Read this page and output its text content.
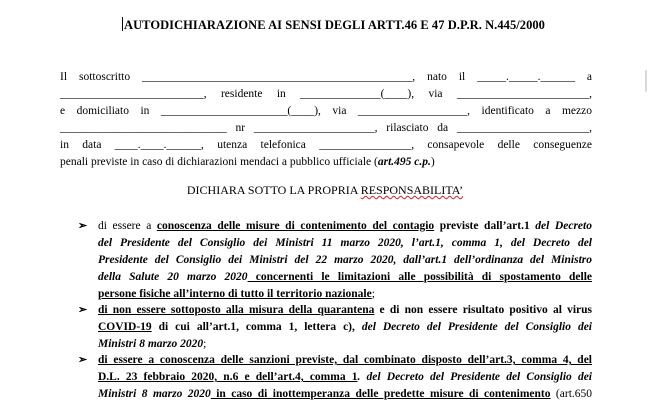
AUTODICHIARAZIONE AI SENSI DEGLI ARTT.46 E 47 D.P.R. N.445/2000
Il sottoscritto _______________________________________________, nato il _____._____.______ a
_________________________, residente in ______________(____), via _______________________,
e domiciliato in ______________________(____), via ___________________, identificato a mezzo
_____________________________ nr _____________________, rilasciato da _______________________,
in data ____.____.______, utenza telefonica ________________, consapevole delle conseguenze
penali previste in caso di dichiarazioni mendaci a pubblico ufficiale (art.495 c.p.)
DICHIARA SOTTO LA PROPRIA RESPONSABILITA’
➢ di essere a conoscenza delle misure di contenimento del contagio previste dall’art.1 del Decreto
del Presidente del Consiglio dei Ministri 11 marzo 2020, l’art.1, comma 1, del Decreto del
Presidente del Consiglio dei Ministri del 22 marzo 2020, dall’art.1 dell’ordinanza del Ministro
della Salute 20 marzo 2020 concernenti le limitazioni alle possibilità di spostamento delle
persone fisiche all’interno di tutto il territorio nazionale;
➢ di non essere sottoposto alla misura della quarantena e di non essere risultato positivo al virus
COVID-19 di cui all’art.1, comma 1, lettera c), del Decreto del Presidente del Consiglio dei
Ministri 8 marzo 2020;
➢ di essere a conoscenza delle sanzioni previste, dal combinato disposto dell’art.3, comma 4, del
D.L. 23 febbraio 2020, n.6 e dell’art.4, comma 1. del Decreto del Presidente del Consiglio dei
Ministri 8 marzo 2020 in caso di inottemperanza delle predette misure di contenimento (art.650
